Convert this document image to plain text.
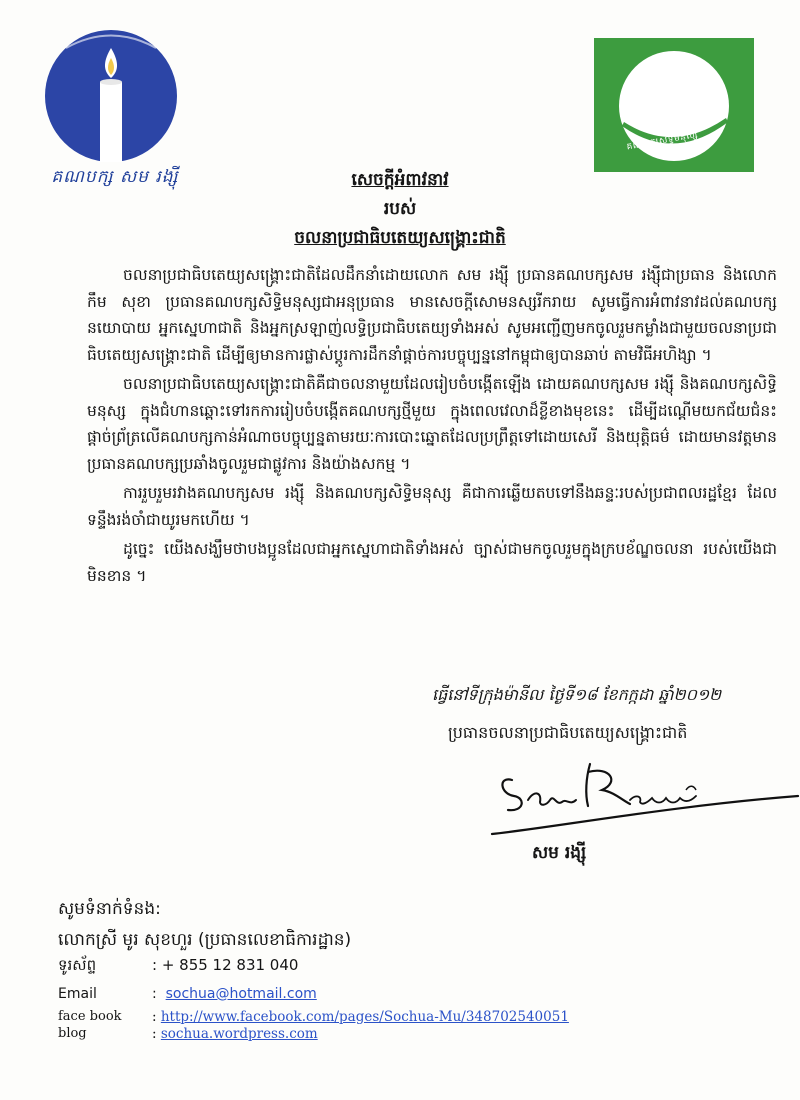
គណបក្ស សម រង្ស៊ី
គណបក្សសិទ្ធិមនុស្ស
សេចក្តីអំពាវនាវ
របស់
ចលនាប្រជាធិបតេយ្យសង្គ្រោះជាតិ

ចលនាប្រជាធិបតេយ្យសង្គ្រោះជាតិដែលដឹកនាំដោយលោក សម រង្ស៊ី ប្រធានគណបក្សសម រង្ស៊ីជាប្រធាន និងលោក កឹម សុខា ប្រធានគណបក្សសិទ្ធិមនុស្សជាអនុប្រធាន មានសេចក្តីសោមនស្សរីករាយ សូមធ្វើការអំពាវនាវដល់គណបក្សនយោបាយ អ្នកស្នេហាជាតិ និងអ្នកស្រឡាញ់លទ្ធិប្រជាធិបតេយ្យទាំងអស់ សូមអញ្ជើញមកចូលរួមកម្លាំងជាមួយចលនាប្រជាធិបតេយ្យសង្គ្រោះជាតិ ដើម្បីឲ្យមានការផ្លាស់ប្តូរការដឹកនាំផ្តាច់ការបច្ចុប្បន្ននៅកម្ពុជាឲ្យបានឆាប់ តាមវិធីអហិង្សា ។

ចលនាប្រជាធិបតេយ្យសង្គ្រោះជាតិគឺជាចលនាមួយដែលរៀបចំបង្កើតឡើង ដោយគណបក្សសម រង្ស៊ី និងគណបក្សសិទ្ធិមនុស្ស ក្នុងជំហានឆ្ពោះទៅរកការរៀបចំបង្កើតគណបក្សថ្មីមួយ ក្នុងពេលវេលាដ៏ខ្លីខាងមុខនេះ ដើម្បីដណ្តើមយកជ័យជំនះផ្តាច់ព្រ័ត្រលើគណបក្សកាន់អំណាចបច្ចុប្បន្នតាមរយៈការបោះឆ្នោតដែលប្រព្រឹត្តទៅដោយសេរី និងយុត្តិធម៌ ដោយមានវត្តមានប្រធានគណបក្សប្រឆាំងចូលរួមជាផ្លូវការ និងយ៉ាងសកម្ម ។

ការរួបរួមរវាងគណបក្សសម រង្ស៊ី និងគណបក្សសិទ្ធិមនុស្ស គឺជាការឆ្លើយតបទៅនឹងឆន្ទៈរបស់ប្រជាពលរដ្ឋខ្មែរ ដែលទន្ទឹងរង់ចាំជាយូរមកហើយ ។

ដូច្នេះ យើងសង្ឃឹមថាបងប្អូនដែលជាអ្នកស្នេហាជាតិទាំងអស់ ច្បាស់ជាមកចូលរួមក្នុងក្របខ័ណ្ឌចលនា របស់យើងជាមិនខាន ។

ធ្វើនៅទីក្រុងម៉ានីល ថ្ងៃទី១៨ ខែកក្កដា ឆ្នាំ២០១២
ប្រធានចលនាប្រជាធិបតេយ្យសង្គ្រោះជាតិ
សម រង្ស៊ី
សូមទំនាក់ទំនង:
លោកស្រី មូរ សុខហួរ (ប្រធានលេខាធិការដ្ឋាន)
ទូរស័ព្ទ	: + 855 12 831 040
Email	:  sochua@hotmail.com
face book : http://www.facebook.com/pages/Sochua-Mu/348702540051
blog	: sochua.wordpress.com
